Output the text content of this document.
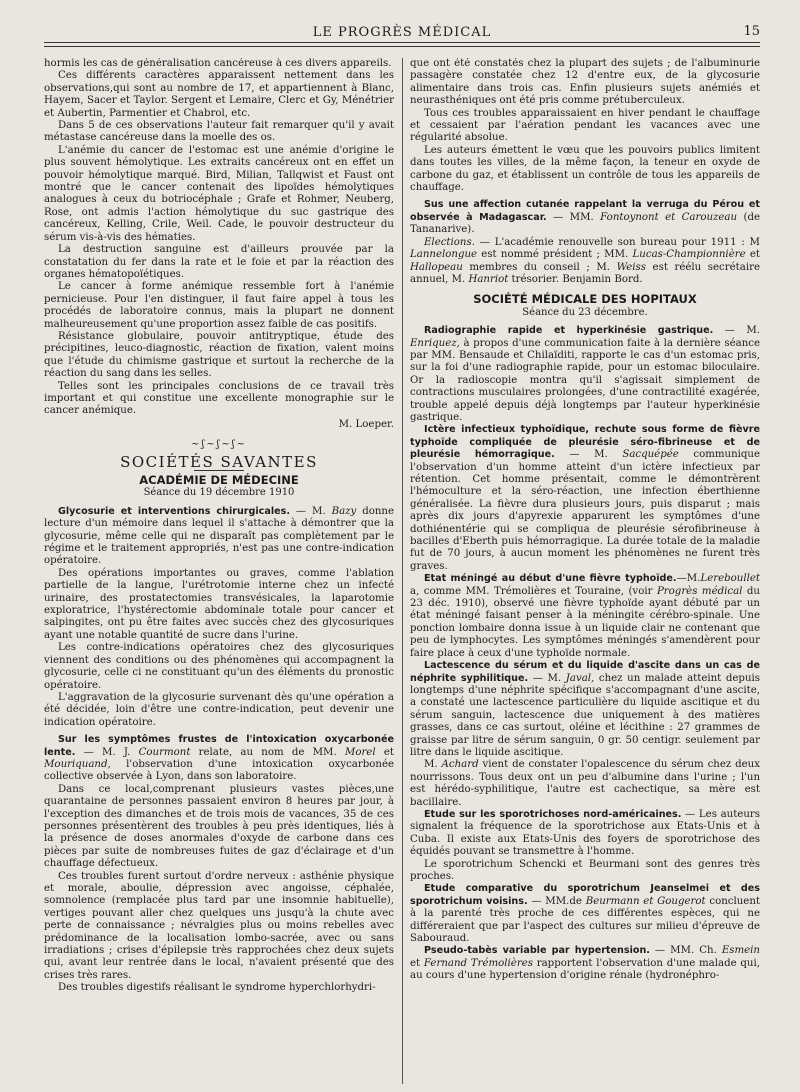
LE PROGRÈS MÉDICAL	15

hormis les cas de généralisation cancéreuse à ces divers appareils.

Ces différents caractères apparaissent nettement dans les observations,qui sont au nombre de 17, et appartiennent à Blanc, Hayem, Sacer et Taylor. Sergent et Lemaire, Clerc et Gy, Ménétrier et Aubertin, Parmentier et Chabrol, etc.

Dans 5 de ces observations l'auteur fait remarquer qu'il y avait métastase cancéreuse dans la moelle des os.

L'anémie du cancer de l'estomac est une anémie d'origine le plus souvent hémolytique. Les extraits cancéreux ont en effet un pouvoir hémolytique marqué. Bird, Milian, Tallqwist et Faust ont montré que le cancer contenait des lipoïdes hémolytiques analogues à ceux du botriocéphale ; Grafe et Rohmer, Neuberg, Rose, ont admis l'action hémolytique du suc gastrique des cancéreux, Kelling, Crile, Weil. Cade, le pouvoir destructeur du sérum vis-à-vis des hématies.

La destruction sanguine est d'ailleurs prouvée par la constatation du fer dans la rate et le foie et par la réaction des organes hématopoïétiques.

Le cancer à forme anémique ressemble fort à l'anémie pernicieuse. Pour l'en distinguer, il faut faire appel à tous les procédés de laboratoire connus, mais la plupart ne donnent malheureusement qu'une proportion assez faible de cas positifs.

Résistance globulaire, pouvoir antitryptique, étude des précipitines, leuco-diagnostic, réaction de fixation, valent moins que l'étude du chimisme gastrique et surtout la recherche de la réaction du sang dans les selles.

Telles sont les principales conclusions de ce travail très important et qui constitue une excellente monographie sur le cancer anémique.

M. Loeper.
~ʃ~ʃ~ʃ~
SOCIÉTÉS SAVANTES
ACADÉMIE DE MÉDECINE
Séance du 19 décembre 1910

Glycosurie et interventions chirurgicales. — M. Bazy donne lecture d'un mémoire dans lequel il s'attache à démontrer que la glycosurie, même celle qui ne disparaît pas complètement par le régime et le traitement appropriés, n'est pas une contre-indication opératoire.

Des opérations importantes ou graves, comme l'ablation partielle de la langue, l'urétrotomie interne chez un infecté urinaire, des prostatectomies transvésicales, la laparotomie exploratrice, l'hystérectomie abdominale totale pour cancer et salpingites, ont pu être faites avec succès chez des glycosuriques ayant une notable quantité de sucre dans l'urine.

Les contre-indications opératoires chez des glycosuriques viennent des conditions ou des phénomènes qui accompagnent la glycosurie, celle ci ne constituant qu'un des éléments du pronostic opératoire.

L'aggravation de la glycosurie survenant dès qu'une opération a été décidée, loin d'être une contre-indication, peut devenir une indication opératoire.

Sur les symptômes frustes de l'intoxication oxycarbonée lente. — M. J. Courmont relate, au nom de MM. Morel et Mouriquand, l'observation d'une intoxication oxycarbonée collective observée à Lyon, dans son laboratoire.

Dans ce local,comprenant plusieurs vastes pièces,une quarantaine de personnes passaient environ 8 heures par jour, à l'exception des dimanches et de trois mois de vacances, 35 de ces personnes présentèrent des troubles à peu près identiques, liés à la présence de doses anormales d'oxyde de carbone dans ces pièces par suite de nombreuses fuites de gaz d'éclairage et d'un chauffage défectueux.

Ces troubles furent surtout d'ordre nerveux : asthénie physique et morale, aboulie, dépression avec angoisse, céphalée, somnolence (remplacée plus tard par une insomnie habituelle), vertiges pouvant aller chez quelques uns jusqu'à la chute avec perte de connaissance ; névralgies plus ou moins rebelles avec prédominance de la localisation lombo-sacrée, avec ou sans irradiations ; crises d'épilepsie très rapprochées chez deux sujets qui, avant leur rentrée dans le local, n'avaient présenté que des crises très rares.

Des troubles digestifs réalisant le syndrome hyperchlorhydri-

que ont été constatés chez la plupart des sujets ; de l'albuminurie passagère constatée chez 12 d'entre eux, de la glycosurie alimentaire dans trois cas. Enfin plusieurs sujets anémiés et neurasthéniques ont été pris comme prétuberculeux.

Tous ces troubles apparaissaient en hiver pendant le chauffage et cessaient par l'aération pendant les vacances avec une régularité absolue.

Les auteurs émettent le vœu que les pouvoirs publics limitent dans toutes les villes, de la même façon, la teneur en oxyde de carbone du gaz, et établissent un contrôle de tous les appareils de chauffage.

Sus une affection cutanée rappelant la verruga du Pérou et observée à Madagascar. — MM. Fontoynont et Carouzeau (de Tananarive).

Elections. — L'académie renouvelle son bureau pour 1911 : M Lannelongue est nommé président ; MM. Lucas-Championnière et Hallopeau membres du conseil ; M. Weiss est réélu secrétaire annuel, M. Hanriot trésorier. Benjamin Bord.

SOCIÉTÉ MÉDICALE DES HOPITAUX
Séance du 23 décembre.

Radiographie rapide et hyperkinésie gastrique. — M. Enriquez, à propos d'une communication faite à la dernière séance par MM. Bensaude et Chilaïditi, rapporte le cas d'un estomac pris, sur la foi d'une radiographie rapide, pour un estomac biloculaire. Or la radioscopie montra qu'il s'agissait simplement de contractions musculaires prolongées, d'une contractilité exagérée, trouble appelé depuis déjà longtemps par l'auteur hyperkinésie gastrique.

Ictère infectieux typhoïdique, rechute sous forme de fièvre typhoïde compliquée de pleurésie séro-fibrineuse et de pleurésie hémorragique. — M. Sacquépée communique l'observation d'un homme atteint d'un ictère infectieux par rétention. Cet homme présentait, comme le démontrèrent l'hémoculture et la séro-réaction, une infection éberthienne généralisée. La fièvre dura plusieurs jours, puis disparut ; mais après dix jours d'apyrexie apparurent les symptômes d'une dothiénentérie qui se compliqua de pleurésie sérofibrineuse à bacilles d'Eberth puis hémorragique. La durée totale de la maladie fut de 70 jours, à aucun moment les phénomènes ne furent très graves.

Etat méningé au début d'une fièvre typhoïde.—M.Lereboullet a, comme MM. Trémolières et Touraine, (voir Progrès médical du 23 déc. 1910), observé une fièvre typhoïde ayant débuté par un état méningé faisant penser à la méningite cérébro-spinale. Une ponction lombaire donna issue à un liquide clair ne contenant que peu de lymphocytes. Les symptômes méningés s'amendèrent pour faire place à ceux d'une typhoïde normale.

Lactescence du sérum et du liquide d'ascite dans un cas de néphrite syphilitique. — M. Javal, chez un malade atteint depuis longtemps d'une néphrite spécifique s'accompagnant d'une ascite, a constaté une lactescence particulière du liquide ascitique et du sérum sanguin, lactescence due uniquement à des matières grasses, dans ce cas surtout, oléine et lécithine : 27 grammes de graisse par litre de sérum sanguin, 0 gr. 50 centigr. seulement par litre dans le liquide ascitique.

M. Achard vient de constater l'opalescence du sérum chez deux nourrissons. Tous deux ont un peu d'albumine dans l'urine ; l'un est hérédo-syphilitique, l'autre est cachectique, sa mère est bacillaire.

Etude sur les sporotrichoses nord-américaines. — Les auteurs signalent la fréquence de la sporotrichose aux Etats-Unis et à Cuba. Il existe aux Etats-Unis des foyers de sporotrichose des équidés pouvant se transmettre à l'homme.

Le sporotrichum Schencki et Beurmani sont des genres très proches.

Etude comparative du sporotrichum Jeanselmei et des sporotrichum voisins. — MM.de Beurmann et Gougerot concluent à la parenté très proche de ces différentes espèces, qui ne différeraient que par l'aspect des cultures sur milieu d'épreuve de Sabouraud.

Pseudo-tabès variable par hypertension. — MM. Ch. Esmein et Fernand Trémolières rapportent l'observation d'une malade qui, au cours d'une hypertension d'origine rénale (hydronéphro-
